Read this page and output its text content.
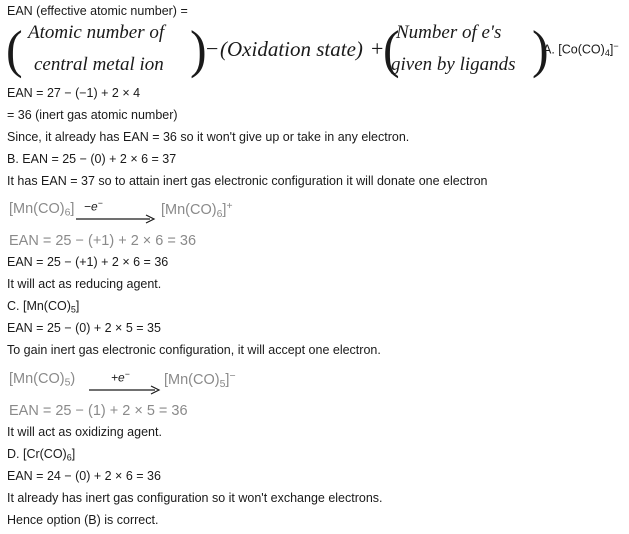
EAN (effective atomic number) =
( Atomic number of
central metal ion ) − (Oxidation state) + (
Number of e's
given by ligands )
A. $[Co(CO)_4]^-$
EAN = 27 − (−1) + 2 × 4
= 36 (inert gas atomic number)
Since, it already has EAN = 36 so it won't give up or take in any electron.
B. EAN = 25 − (0) + 2 × 6 = 37
It has EAN = 37 so to attain inert gas electronic configuration it will donate one electron
$[Mn(CO)_6] -e^-$	$[Mn(CO)_6]^+$
EAN = 25 − (+1) + 2 × 6 = 36
EAN = 25 − (+1) + 2 × 6 = 36
It will act as reducing agent.
C. $[Mn(CO)_5]$
EAN = 25 − (0) + 2 × 5 = 35
To gain inert gas electronic configuration, it will accept one electron.
$[Mn(CO)_5)$	+e− $[Mn(CO)_5]^-$
EAN = 25 − (1) + 2 × 5 = 36
It will act as oxidizing agent.
D. $[Cr(CO)_6]$
EAN = 24 − (0) + 2 × 6 = 36
It already has inert gas configuration so it won't exchange electrons.
Hence option (B) is correct.
